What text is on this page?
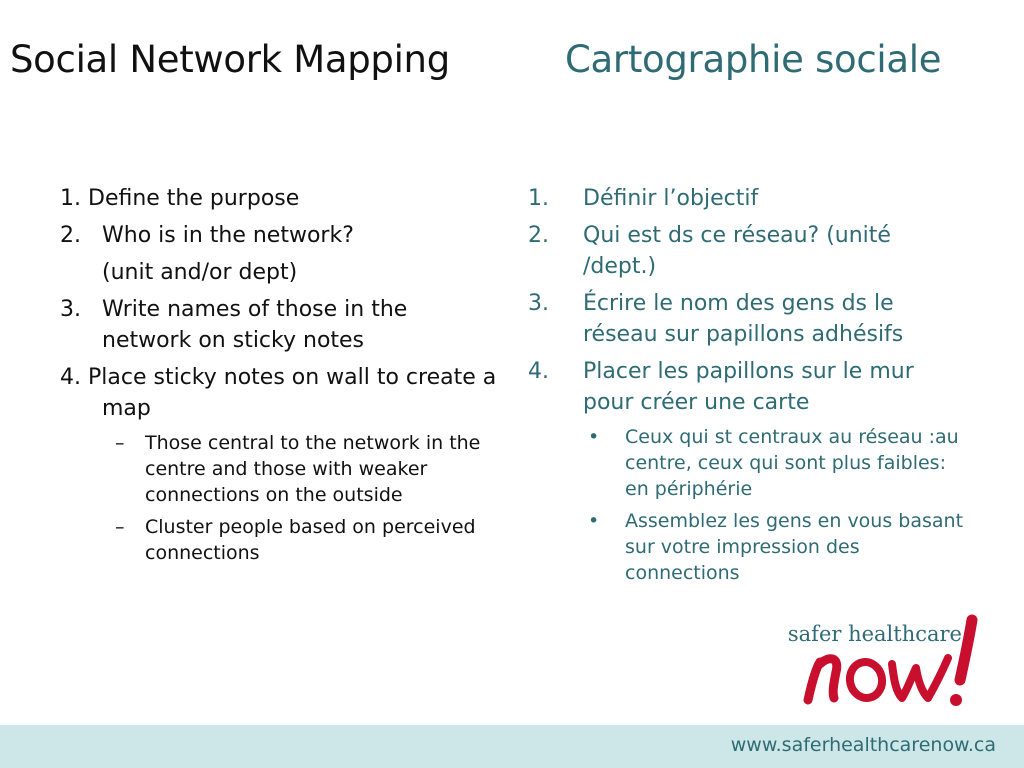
Social Network Mapping	Cartographie sociale
1. Define the purpose
2. Who is in the network?
(unit and/or dept)
3. Write names of those in the network on sticky notes
4. Place sticky notes on wall to create a map
– Those central to the network in the centre and those with weaker connections on the outside
– Cluster people based on perceived connections
1. Définir l’objectif
2. Qui est ds ce réseau? (unité /dept.)
3. Écrire le nom des gens ds le réseau sur papillons adhésifs
4. Placer les papillons sur le mur pour créer une carte
• Ceux qui st centraux au réseau :au centre, ceux qui sont plus faibles: en périphérie
• Assemblez les gens en vous basant sur votre impression des connections
safer healthcare
www.saferhealthcarenow.ca
